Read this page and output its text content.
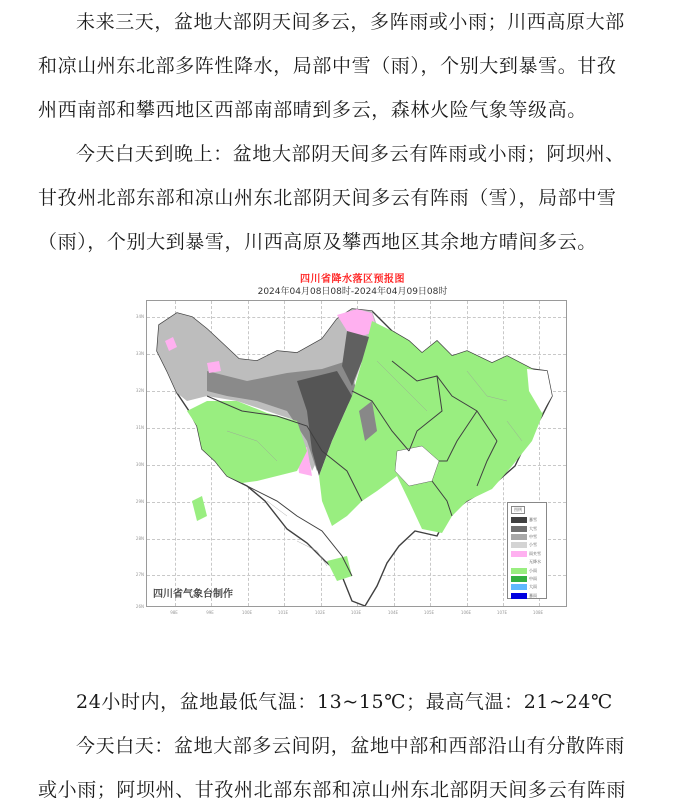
未来三天，盆地大部阴天间多云，多阵雨或小雨；川西高原大部
和凉山州东北部多阵性降水，局部中雪（雨），个别大到暴雪。甘孜
州西南部和攀西地区西部南部晴到多云，森林火险气象等级高。
今天白天到晚上：盆地大部阴天间多云有阵雨或小雨；阿坝州、
甘孜州北部东部和凉山州东北部阴天间多云有阵雨（雪），局部中雪
（雨），个别大到暴雪，川西高原及攀西地区其余地方晴间多云。
四川省降水落区预报图
2024年04月08日08时-2024年04月09日08时
34N
33N
32N
31N
30N
29N
28N
27N
26N
98E	99E	100E	101E	102E	103E	104E	105E	106E	107E	108E
四川省气象台制作
图例
暴雪
大雪
中雪
小雪
雨夹雪
无降水
小雨
中雨
大雨
暴雨
24小时内，盆地最低气温：13~15℃；最高气温：21~24℃
今天白天：盆地大部多云间阴，盆地中部和西部沿山有分散阵雨
或小雨；阿坝州、甘孜州北部东部和凉山州东北部阴天间多云有阵雨
